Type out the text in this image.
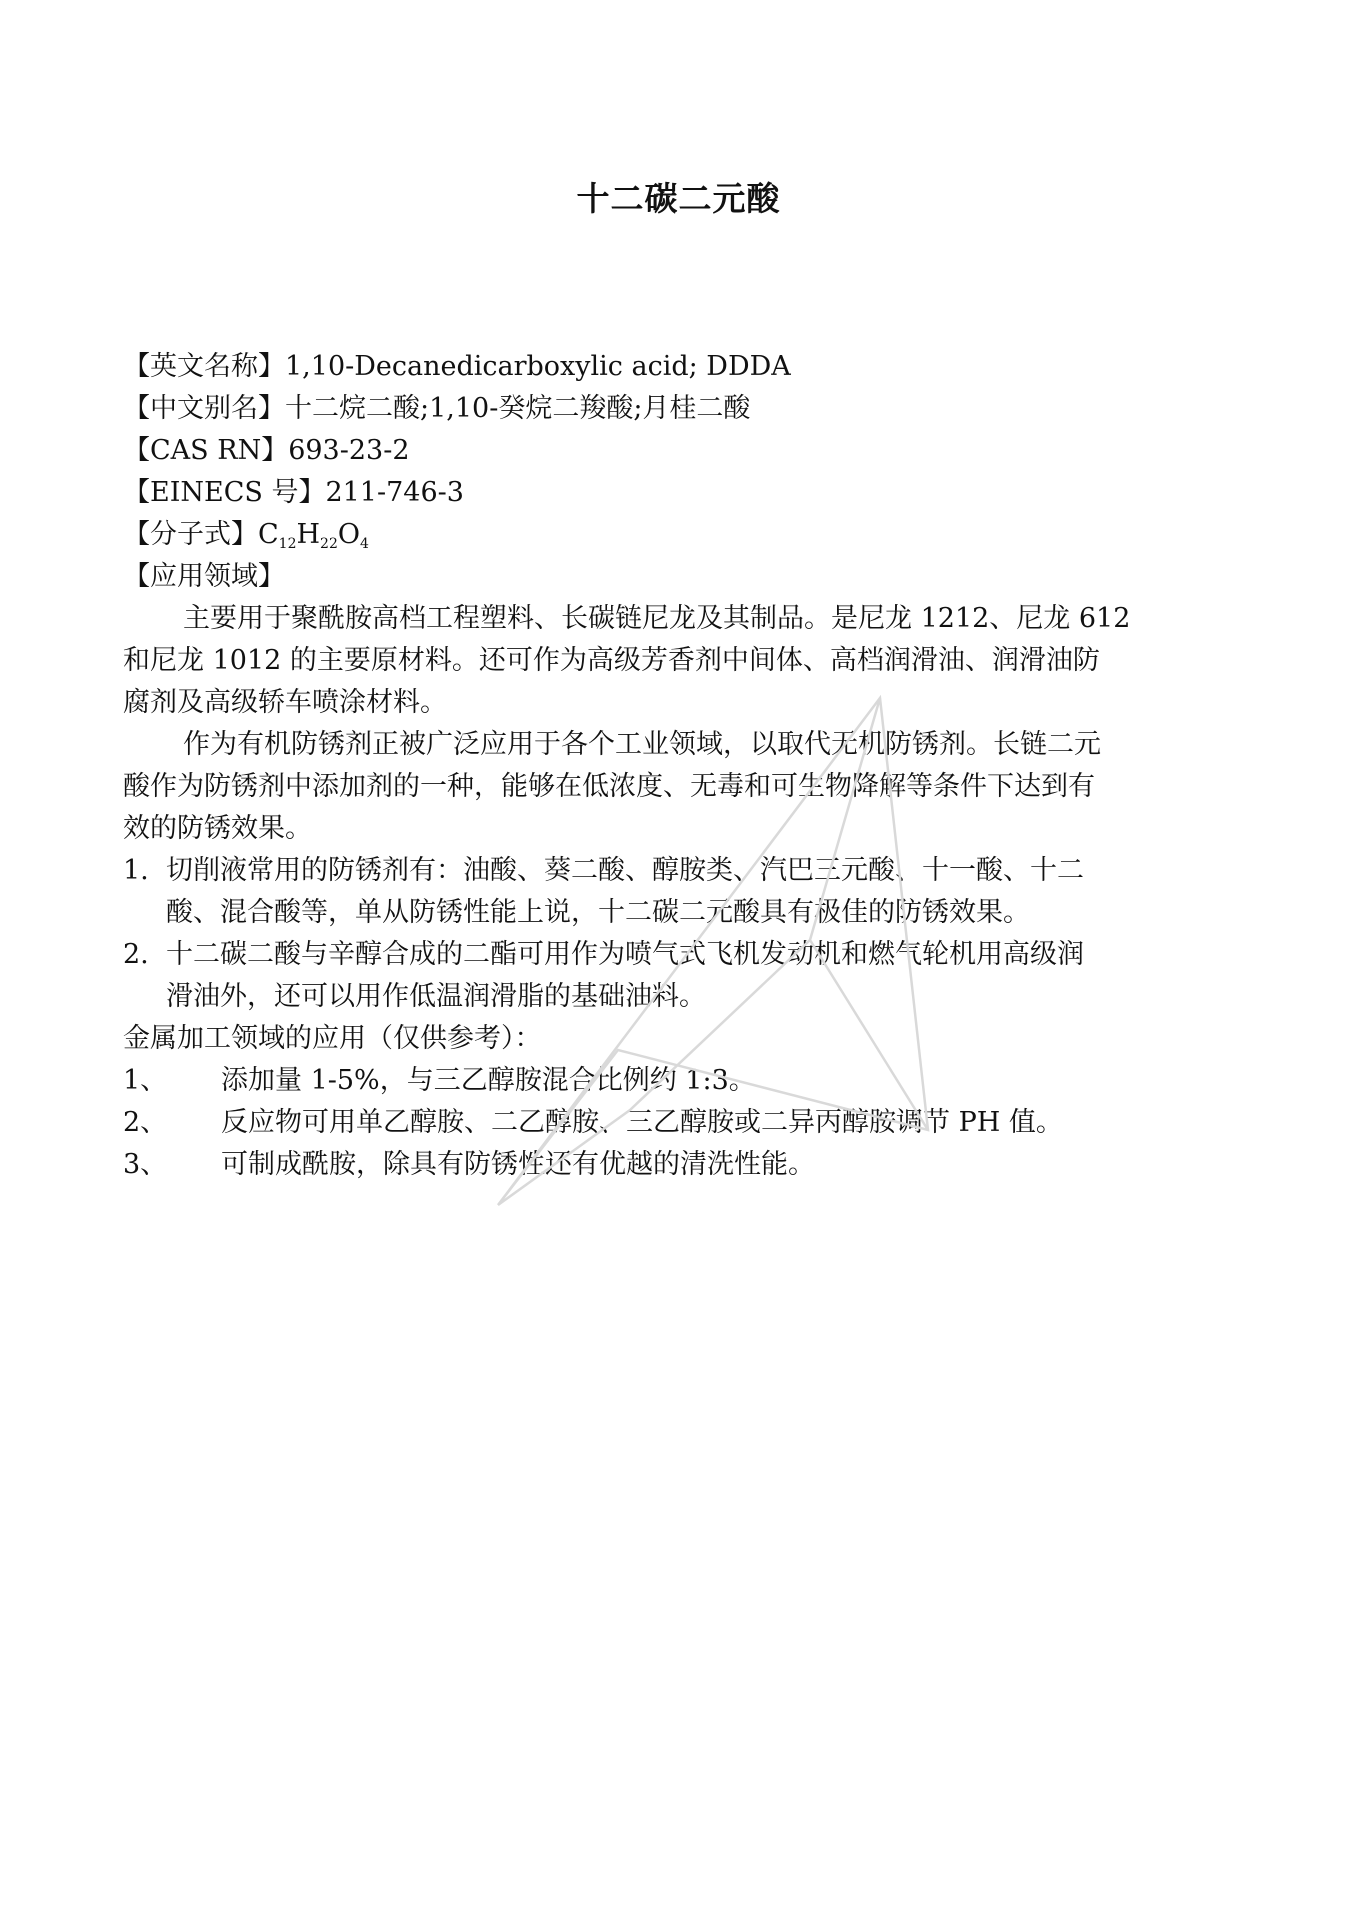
十二碳二元酸
【英文名称】1,10-Decanedicarboxylic acid; DDDA
【中文别名】十二烷二酸;1,10-癸烷二羧酸;月桂二酸
【CAS RN】693-23-2
【EINECS 号】211-746-3
【分子式】$C_{12}H_{22}O_4$
【应用领域】
主要用于聚酰胺高档工程塑料、长碳链尼龙及其制品。是尼龙 1212、尼龙 612
和尼龙 1012 的主要原材料。还可作为高级芳香剂中间体、高档润滑油、润滑油防
腐剂及高级轿车喷涂材料。
作为有机防锈剂正被广泛应用于各个工业领域，以取代无机防锈剂。长链二元
酸作为防锈剂中添加剂的一种，能够在低浓度、无毒和可生物降解等条件下达到有
效的防锈效果。
1. 切削液常用的防锈剂有：油酸、葵二酸、醇胺类、汽巴三元酸、十一酸、十二
酸、混合酸等，单从防锈性能上说，十二碳二元酸具有极佳的防锈效果。
2. 十二碳二酸与辛醇合成的二酯可用作为喷气式飞机发动机和燃气轮机用高级润
滑油外，还可以用作低温润滑脂的基础油料。
金属加工领域的应用（仅供参考）：
1、 添加量 1-5%，与三乙醇胺混合比例约 1:3。
2、 反应物可用单乙醇胺、二乙醇胺、三乙醇胺或二异丙醇胺调节 PH 值。
3、 可制成酰胺，除具有防锈性还有优越的清洗性能。
